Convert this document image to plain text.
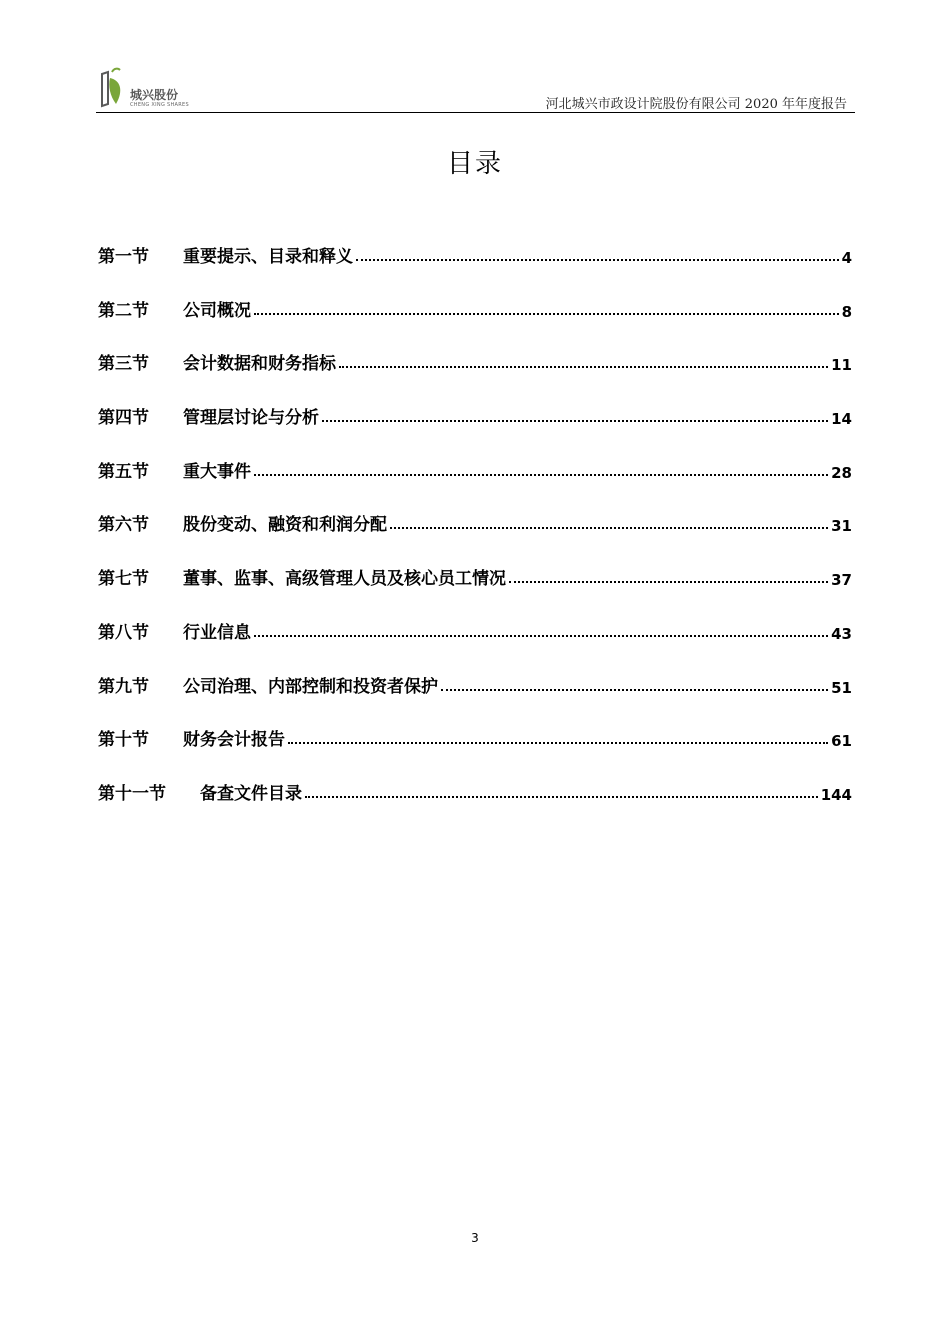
城兴股份
CHENG XING SHARES	河北城兴市政设计院股份有限公司 2020 年年度报告
目录
第一节	重要提示、目录和释义	4
第二节	公司概况	8
第三节	会计数据和财务指标	11
第四节	管理层讨论与分析	14
第五节	重大事件	28
第六节	股份变动、融资和利润分配	31
第七节	董事、监事、高级管理人员及核心员工情况	37
第八节	行业信息	43
第九节	公司治理、内部控制和投资者保护	51
第十节	财务会计报告	61
第十一节	备查文件目录	144
3
